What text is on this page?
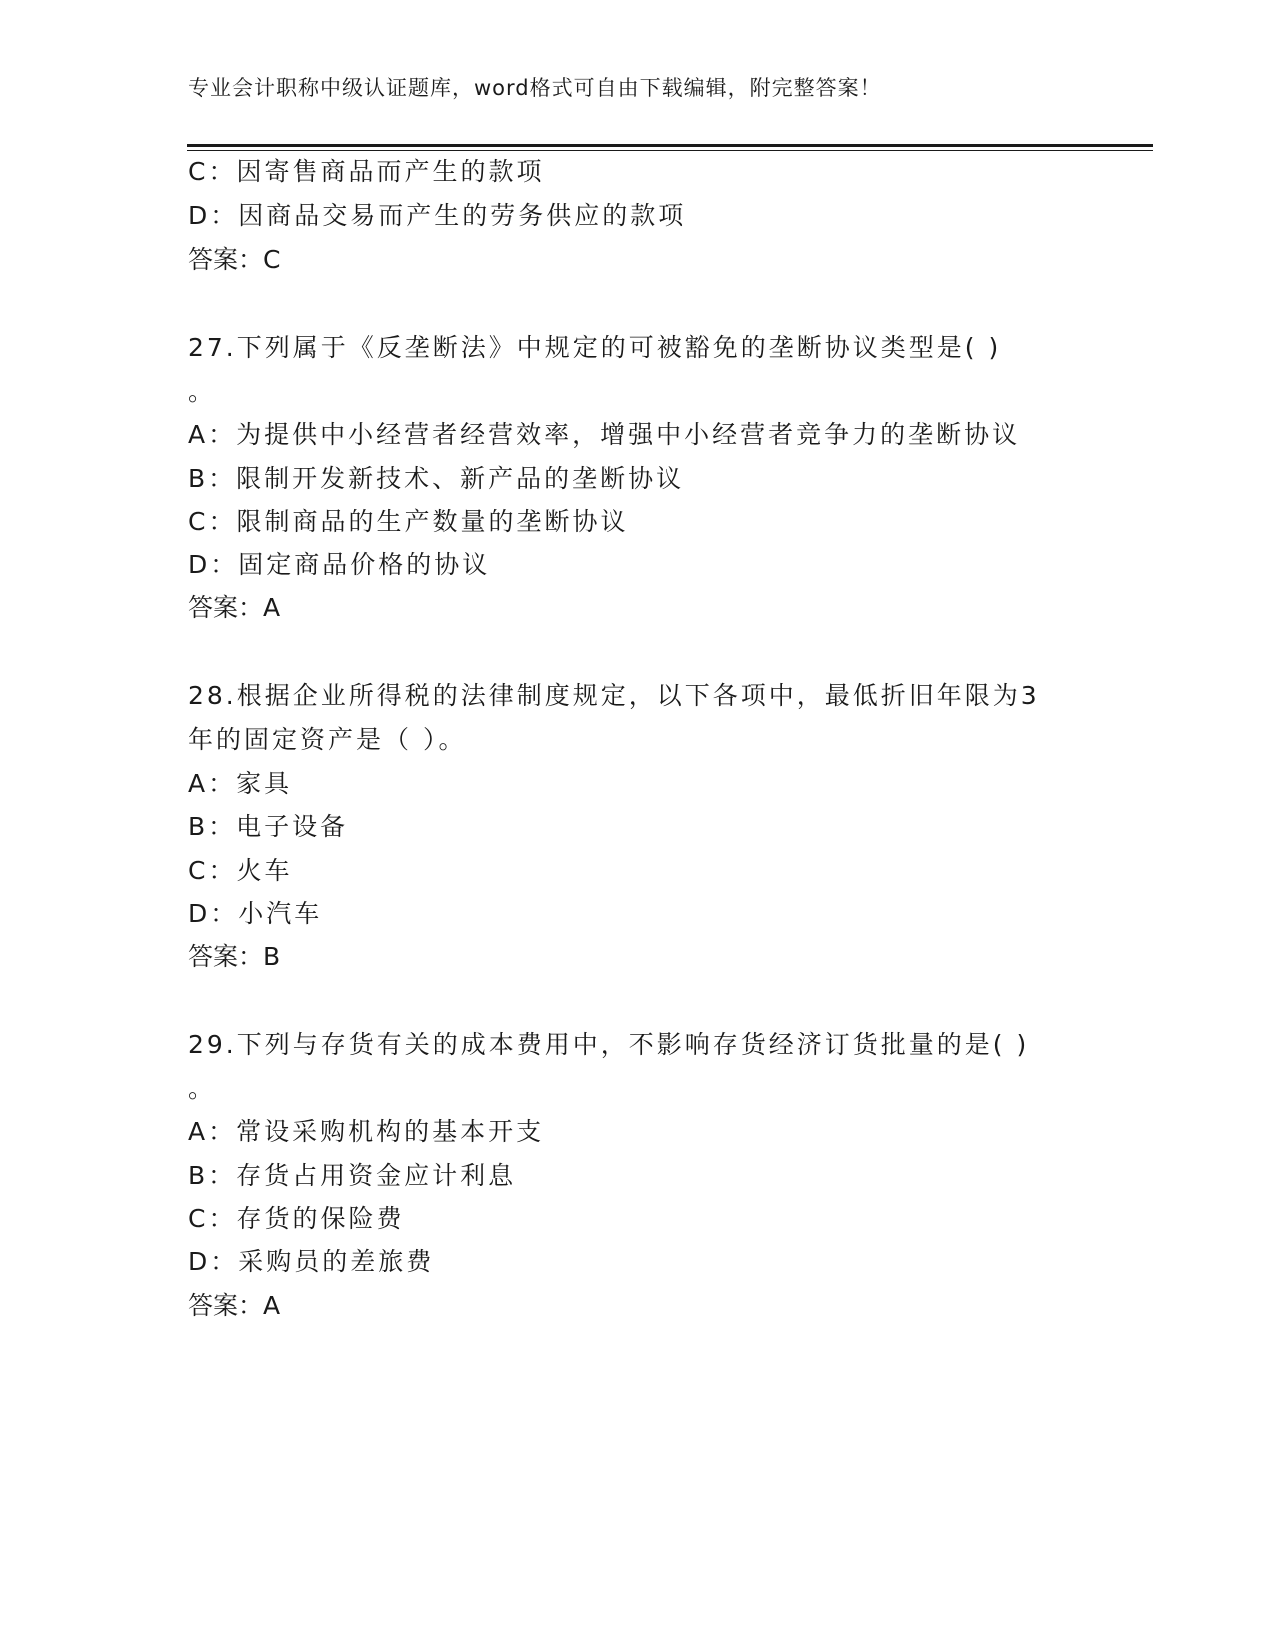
专业会计职称中级认证题库，word格式可自由下载编辑，附完整答案！
C：因寄售商品而产生的款项
D：因商品交易而产生的劳务供应的款项
答案：C
27.下列属于《反垄断法》中规定的可被豁免的垄断协议类型是( )
。
A：为提供中小经营者经营效率，增强中小经营者竞争力的垄断协议
B：限制开发新技术、新产品的垄断协议
C：限制商品的生产数量的垄断协议
D：固定商品价格的协议
答案：A
28.根据企业所得税的法律制度规定，以下各项中，最低折旧年限为3
年的固定资产是（ ）。
A：家具
B：电子设备
C：火车
D：小汽车
答案：B
29.下列与存货有关的成本费用中，不影响存货经济订货批量的是( )
。
A：常设采购机构的基本开支
B：存货占用资金应计利息
C：存货的保险费
D：采购员的差旅费
答案：A
